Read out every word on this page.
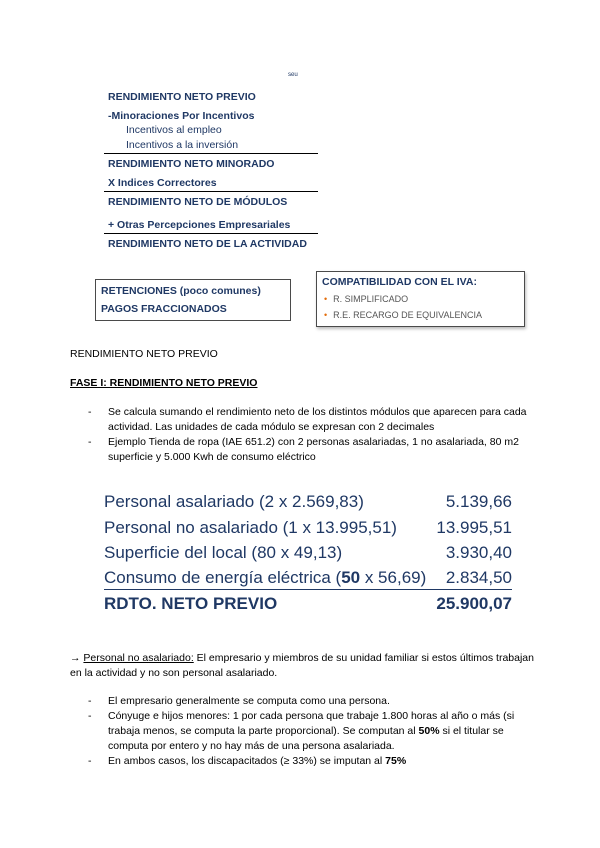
ˢᵉᵘ
RENDIMIENTO NETO PREVIO
-Minoraciones Por Incentivos
Incentivos al empleo
Incentivos a la inversión
RENDIMIENTO NETO MINORADO
X Indices Correctores
RENDIMIENTO NETO DE MÓDULOS
+ Otras Percepciones Empresariales
RENDIMIENTO NETO DE LA ACTIVIDAD
RETENCIONES (poco comunes)
PAGOS FRACCIONADOS
COMPATIBILIDAD CON EL IVA:
• R. SIMPLIFICADO
• R.E. RECARGO DE EQUIVALENCIA
RENDIMIENTO NETO PREVIO
FASE I: RENDIMIENTO NETO PREVIO

- Se calcula sumando el rendimiento neto de los distintos módulos que aparecen para cada actividad. Las unidades de cada módulo se expresan con 2 decimales

- Ejemplo Tienda de ropa (IAE 651.2) con 2 personas asalariadas, 1 no asalariada, 80 m2 superficie y 5.000 Kwh de consumo eléctrico

Personal asalariado (2 x 2.569,83)	5.139,66
Personal no asalariado (1 x 13.995,51) 13.995,51
Superficie del local (80 x 49,13)	3.930,40
Consumo de energía eléctrica (50 x 56,69) 2.834,50
RDTO. NETO PREVIO	25.900,07
→ Personal no asalariado: El empresario y miembros de su unidad familiar si estos últimos trabajan en la actividad y no son personal asalariado.

- El empresario generalmente se computa como una persona.

- Cónyuge e hijos menores: 1 por cada persona que trabaje 1.800 horas al año o más (si trabaja menos, se computa la parte proporcional). Se computan al 50% si el titular se computa por entero y no hay más de una persona asalariada.

- En ambos casos, los discapacitados (≥ 33%) se imputan al 75%
